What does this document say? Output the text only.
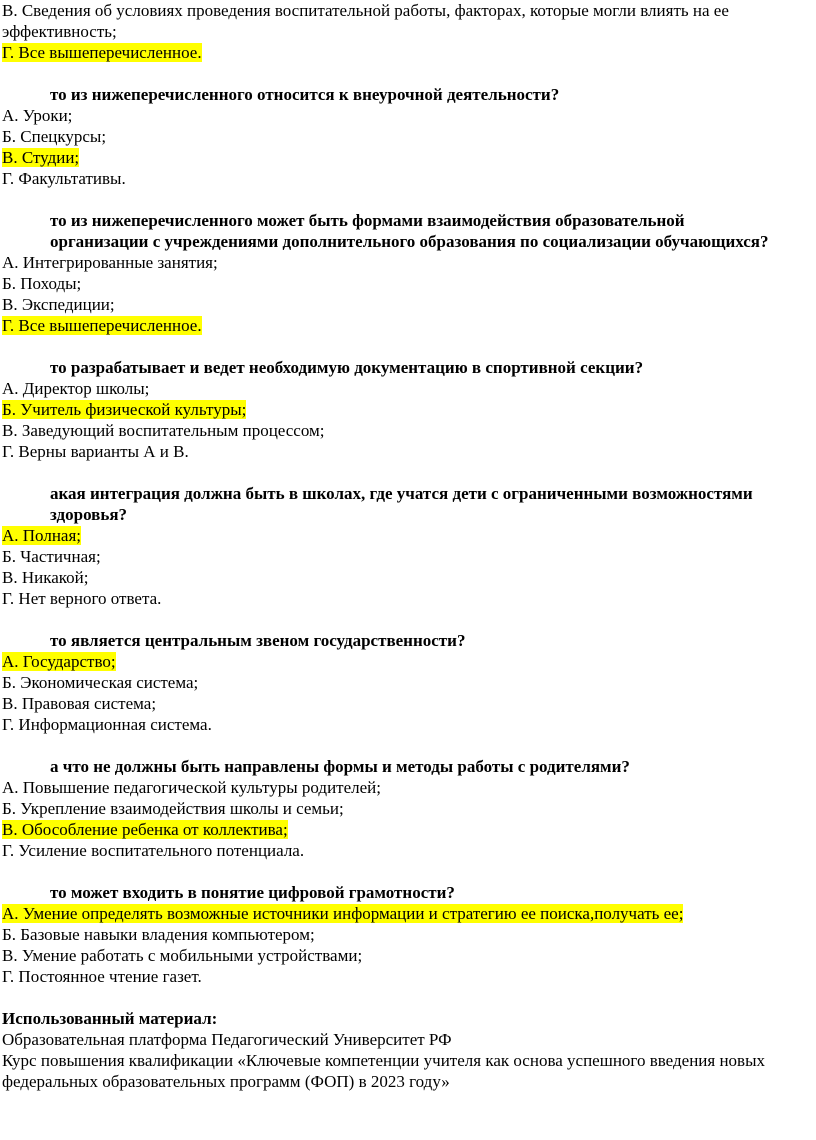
В. Сведения об условиях проведения воспитательной работы, факторах, которые могли влиять на ее эффективность;
Г. Все вышеперечисленное.
то из нижеперечисленного относится к внеурочной деятельности?
А. Уроки;
Б. Спецкурсы;
В. Студии;
Г. Факультативы.
то из нижеперечисленного может быть формами взаимодействия образовательной организации с учреждениями дополнительного образования по социализации обучающихся?
А. Интегрированные занятия;
Б. Походы;
В. Экспедиции;
Г. Все вышеперечисленное.
то разрабатывает и ведет необходимую документацию в спортивной секции?
А. Директор школы;
Б. Учитель физической культуры;
В. Заведующий воспитательным процессом;
Г. Верны варианты А и В.
акая интеграция должна быть в школах, где учатся дети с ограниченными возможностями здоровья?
А. Полная;
Б. Частичная;
В. Никакой;
Г. Нет верного ответа.
то является центральным звеном государственности?
А. Государство;
Б. Экономическая система;
В. Правовая система;
Г. Информационная система.
а что не должны быть направлены формы и методы работы с родителями?
А. Повышение педагогической культуры родителей;
Б. Укрепление взаимодействия школы и семьи;
В. Обособление ребенка от коллектива;
Г. Усиление воспитательного потенциала.
то может входить в понятие цифровой грамотности?
А. Умение определять возможные источники информации и стратегию ее поиска,получать ее;
Б. Базовые навыки владения компьютером;
В. Умение работать с мобильными устройствами;
Г. Постоянное чтение газет.
Использованный материал:
Образовательная платформа Педагогический Университет РФ
Курс повышения квалификации «Ключевые компетенции учителя как основа успешного введения новых федеральных образовательных программ (ФОП) в 2023 году»
